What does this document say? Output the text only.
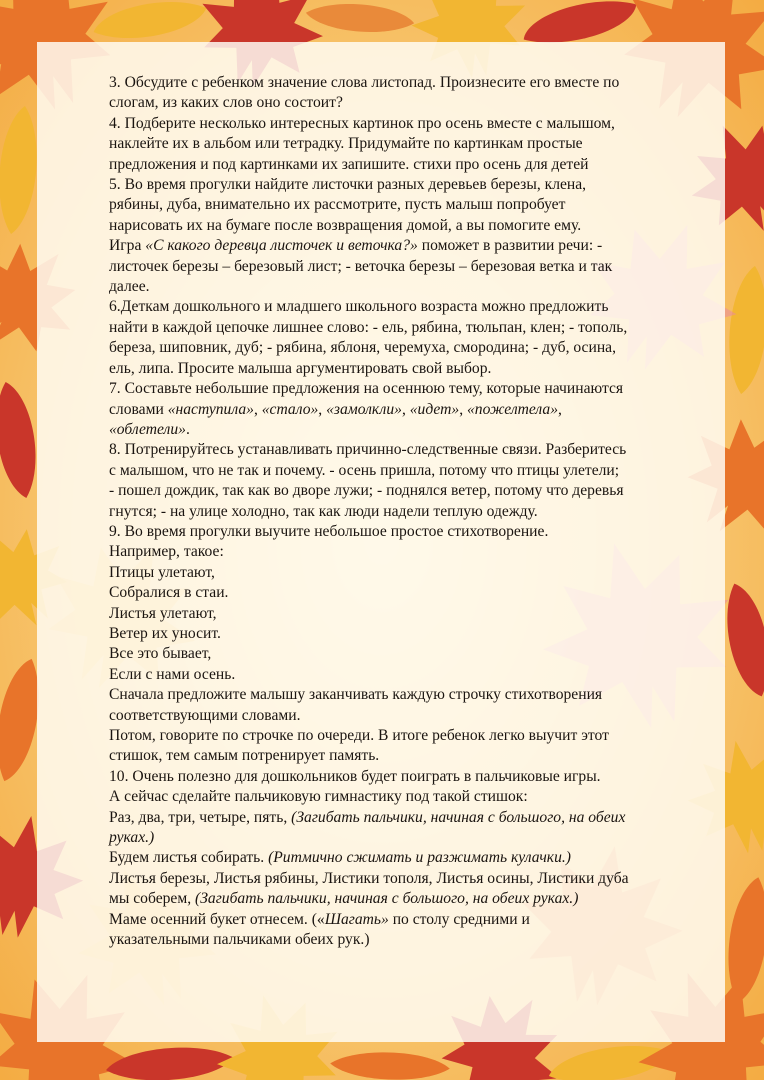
3. Обсудите с ребенком значение слова листопад. Произнесите его вместе по

слогам, из каких слов оно состоит?

4. Подберите несколько интересных картинок про осень вместе с малышом,

наклейте их в альбом или тетрадку. Придумайте по картинкам простые

предложения и под картинками их запишите. стихи про осень для детей

5. Во время прогулки найдите листочки разных деревьев березы, клена,

рябины, дуба, внимательно их рассмотрите, пусть малыш попробует

нарисовать их на бумаге после возвращения домой, а вы помогите ему.

Игра «С какого деревца листочек и веточка?» поможет в развитии речи: -

листочек березы – березовый лист; - веточка березы – березовая ветка и так

далее.

6.Деткам дошкольного и младшего школьного возраста можно предложить

найти в каждой цепочке лишнее слово: - ель, рябина, тюльпан, клен; - тополь,

береза, шиповник, дуб; - рябина, яблоня, черемуха, смородина; - дуб, осина,

ель, липа. Просите малыша аргументировать свой выбор.

7. Составьте небольшие предложения на осеннюю тему, которые начинаются

словами «наступила», «стало», «замолкли», «идет», «пожелтела»,

«облетели».

8. Потренируйтесь устанавливать причинно-следственные связи. Разберитесь

с малышом, что не так и почему. - осень пришла, потому что птицы улетели;

- пошел дождик, так как во дворе лужи; - поднялся ветер, потому что деревья

гнутся; - на улице холодно, так как люди надели теплую одежду.

9. Во время прогулки выучите небольшое простое стихотворение.

Например, такое:

Птицы улетают,

Собралися в стаи.

Листья улетают,

Ветер их уносит.

Все это бывает,

Если с нами осень.

Сначала предложите малышу заканчивать каждую строчку стихотворения

соответствующими словами.

Потом, говорите по строчке по очереди. В итоге ребенок легко выучит этот

стишок, тем самым потренирует память.

10. Очень полезно для дошкольников будет поиграть в пальчиковые игры.

А сейчас сделайте пальчиковую гимнастику под такой стишок:

Раз, два, три, четыре, пять, (Загибать пальчики, начиная с большого, на обеих

руках.)

Будем листья собирать. (Ритмично сжимать и разжимать кулачки.)

Листья березы, Листья рябины, Листики тополя, Листья осины, Листики дуба

мы соберем, (Загибать пальчики, начиная с большого, на обеих руках.)

Маме осенний букет отнесем. («Шагать» по столу средними и

указательными пальчиками обеих рук.)
